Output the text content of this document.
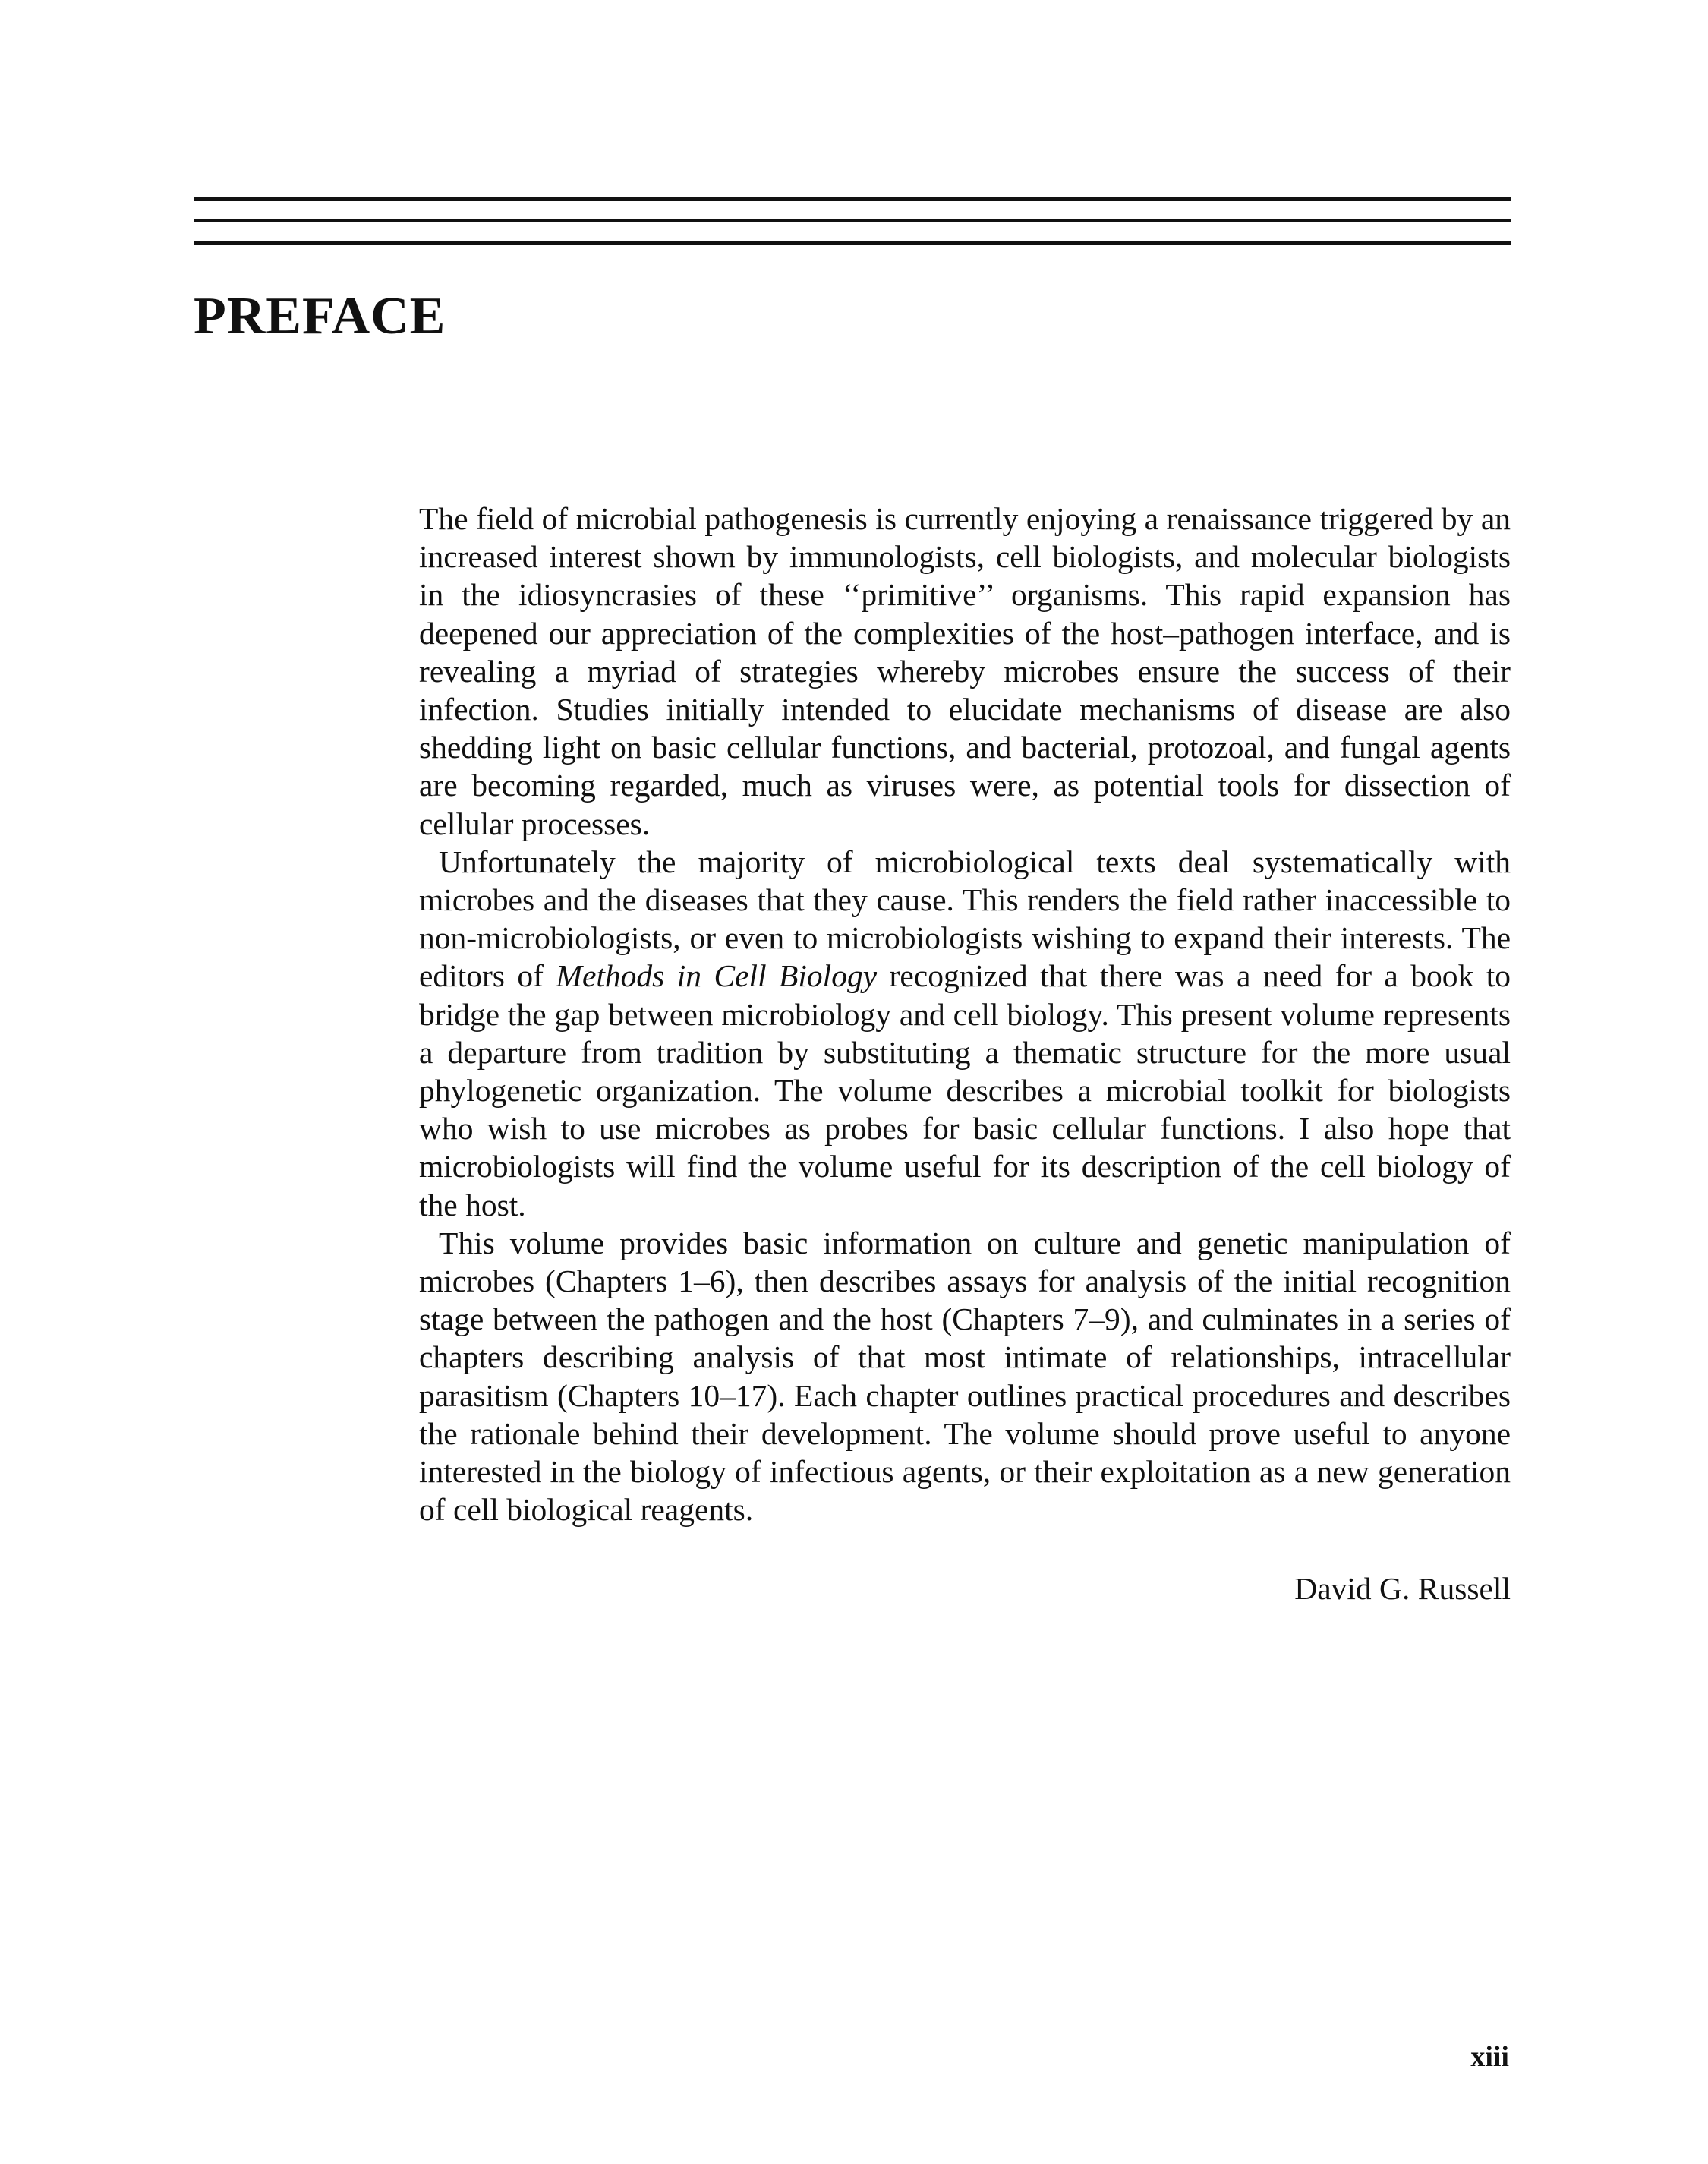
PREFACE

The field of microbial pathogenesis is currently enjoying a renaissance triggered by an increased interest shown by immunologists, cell biologists, and molecular biologists in the idiosyncrasies of these ‘‘primitive’’ organisms. This rapid expansion has deepened our appreciation of the complexities of the host–pathogen interface, and is revealing a myriad of strategies whereby microbes ensure the success of their infection. Studies initially intended to elucidate mechanisms of disease are also shedding light on basic cellular functions, and bacterial, protozoal, and fungal agents are becoming regarded, much as viruses were, as potential tools for dissection of cellular processes.

Unfortunately the majority of microbiological texts deal systematically with microbes and the diseases that they cause. This renders the field rather inaccessible to non-microbiologists, or even to microbiologists wishing to expand their interests. The editors of Methods in Cell Biology recognized that there was a need for a book to bridge the gap between microbiology and cell biology. This present volume represents a departure from tradition by substituting a thematic structure for the more usual phylogenetic organization. The volume describes a microbial toolkit for biologists who wish to use microbes as probes for basic cellular functions. I also hope that microbiologists will find the volume useful for its description of the cell biology of the host.

This volume provides basic information on culture and genetic manipulation of microbes (Chapters 1–6), then describes assays for analysis of the initial recognition stage between the pathogen and the host (Chapters 7–9), and culminates in a series of chapters describing analysis of that most intimate of relationships, intracellular parasitism (Chapters 10–17). Each chapter outlines practical procedures and describes the rationale behind their development. The volume should prove useful to anyone interested in the biology of infectious agents, or their exploitation as a new generation of cell biological reagents.

David G. Russell
xiii
